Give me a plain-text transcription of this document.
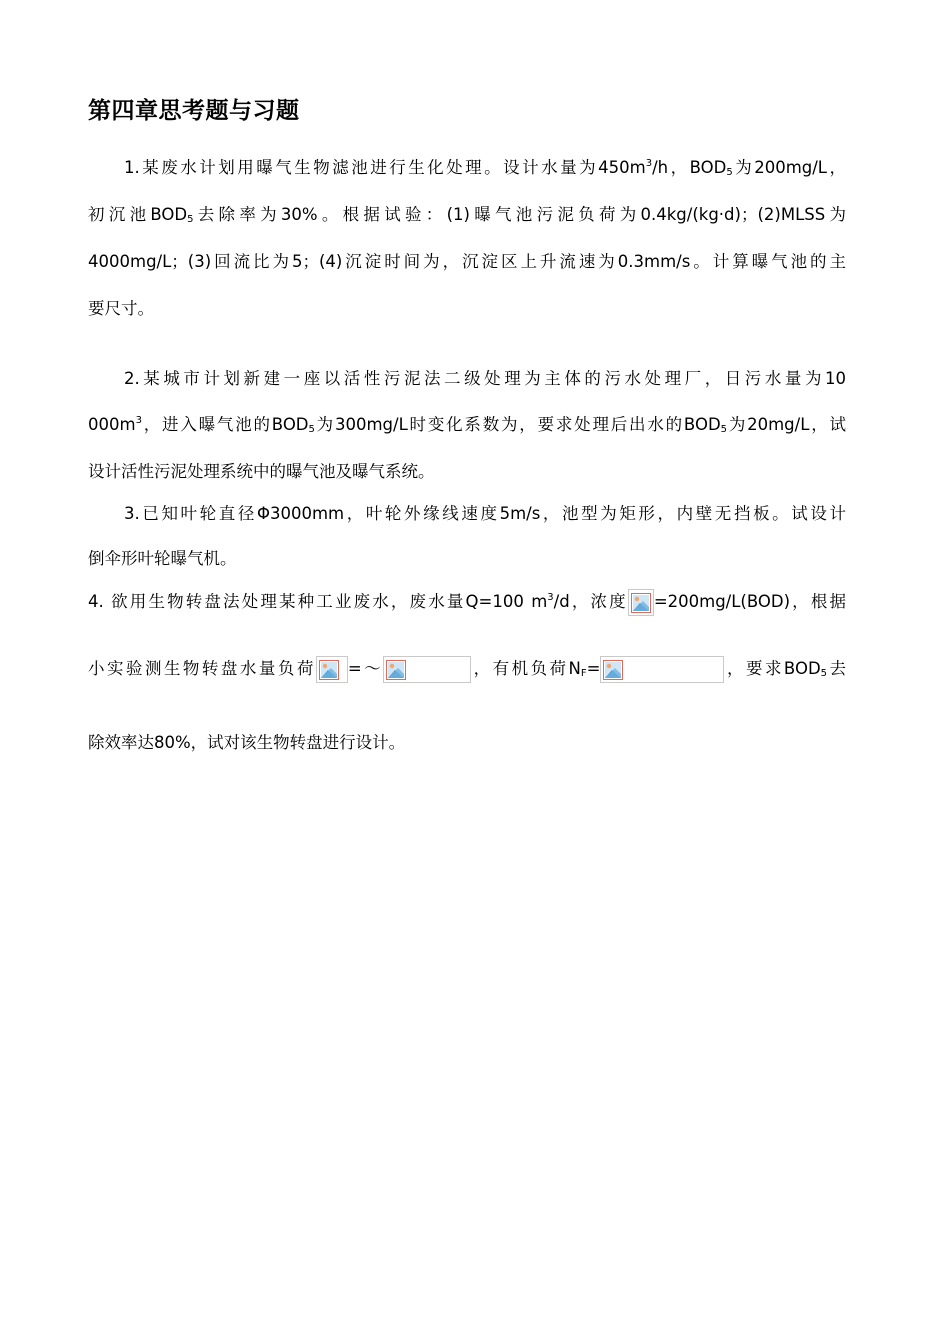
第四章思考题与习题
1.某废水计划用曝气生物滤池进行生化处理。设计水量为$450m^3/h$，$BOD_5$为200mg/L，
初沉池$BOD_5$去除率为30%。根据试验：(1)曝气池污泥负荷为0.4kg/(kg·d)；(2)MLSS为
4000mg/L；(3)回流比为5；(4)沉淀时间为，沉淀区上升流速为0.3mm/s。计算曝气池的主
要尺寸。
2.某城市计划新建一座以活性污泥法二级处理为主体的污水处理厂，日污水量为10
$000m^3$，进入曝气池的$BOD_5$为300mg/L时变化系数为，要求处理后出水的$BOD_5$为20mg/L，试
设计活性污泥处理系统中的曝气池及曝气系统。
3.已知叶轮直径Φ3000mm，叶轮外缘线速度5m/s，池型为矩形，内壁无挡板。试设计
倒伞形叶轮曝气机。
4. 欲用生物转盘法处理某种工业废水，废水量Q=100 $m^3/d$，浓度 =200mg/L(BOD)，根据
小实验测生物转盘水量负荷 =～	，有机负荷$N_F=$	，要求$BOD_5$去
除效率达80%，试对该生物转盘进行设计。
